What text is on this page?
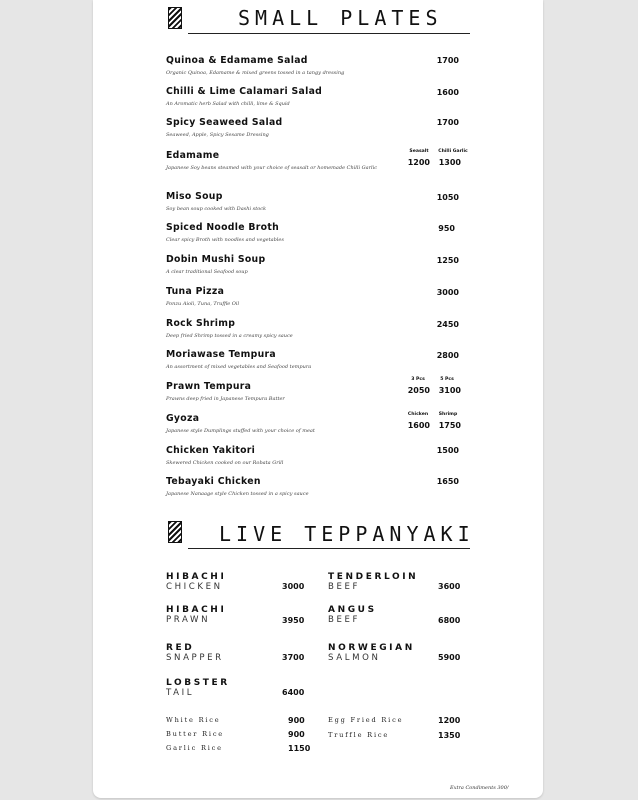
SMALL PLATES
Quinoa & Edamame Salad
Organic Quinoa, Edamame & mixed greens tossed in a tangy dressing
1700
Chilli & Lime Calamari Salad
An Aromatic herb Salad with chilli, lime & Squid
1600
Spicy Seaweed Salad
Seaweed, Apple, Spicy Sesame Dressing
1700
Edamame
Japanese Soy beans steamed with your choice of seasalt or homemade Chilli Garlic
Seasalt	Chilli Garlic
1200	1300
Miso Soup
Soy bean soup cooked with Dashi stock
1050
Spiced Noodle Broth
Clear spicy Broth with noodles and vegetables
950
Dobin Mushi Soup
A clear traditional Seafood soup
1250
Tuna Pizza
Ponzu Aioli, Tuna, Truffle Oil
3000
Rock Shrimp
Deep fried Shrimp tossed in a creamy spicy sauce
2450
Moriawase Tempura
An assortment of mixed vegetables and Seafood tempura
2800
Prawn Tempura
Prawns deep fried in Japanese Tempura Batter
3 Pcs	5 Pcs
2050	3100
Gyoza
Japanese style Dumplings stuffed with your choice of meat
Chicken	Shrimp
1600	1750
Chicken Yakitori
Skewered Chicken cooked on our Robata Grill
1500
Tebayaki Chicken
Japanese Nanaage style Chicken tossed in a spicy sauce
1650
LIVE TEPPANYAKI
HIBACHI
CHICKEN	3000
HIBACHI
PRAWN	3950
RED
SNAPPER	3700
LOBSTER
TAIL	6400
TENDERLOIN
BEEF	3600
ANGUS
BEEF	6800
NORWEGIAN
SALMON	5900
White Rice	900
Butter Rice	900
Garlic Rice	1150
Egg Fried Rice	1200
Truffle Rice	1350
Extra Condiments 300/
